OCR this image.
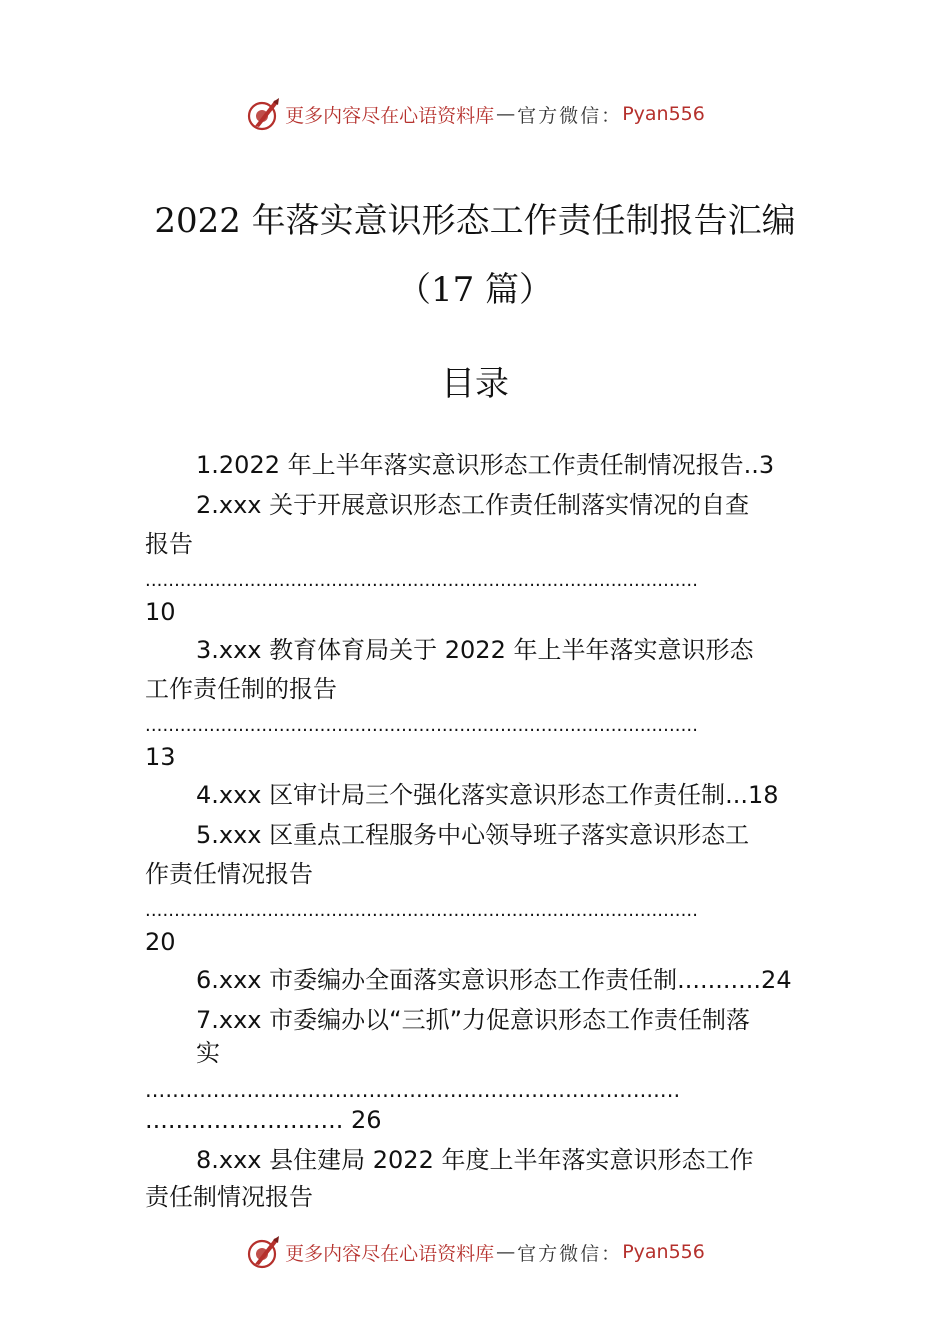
更多内容尽在心语资料库 — 官方微信： Pyan556
2022 年落实意识形态工作责任制报告汇编
（17 篇）
目录
1.2022 年上半年落实意识形态工作责任制情况报告..3
2.xxx 关于开展意识形态工作责任制落实情况的自查
报告
...............................................................................................
10
3.xxx 教育体育局关于 2022 年上半年落实意识形态
工作责任制的报告
...............................................................................................
13
4.xxx 区审计局三个强化落实意识形态工作责任制...18
5.xxx 区重点工程服务中心领导班子落实意识形态工
作责任情况报告
...............................................................................................
20
6.xxx 市委编办全面落实意识形态工作责任制...........24
7.xxx 市委编办以“三抓”力促意识形态工作责任制落
实
...............................................................................
.......................... 26
8.xxx 县住建局 2022 年度上半年落实意识形态工作
责任制情况报告
更多内容尽在心语资料库 — 官方微信： Pyan556
